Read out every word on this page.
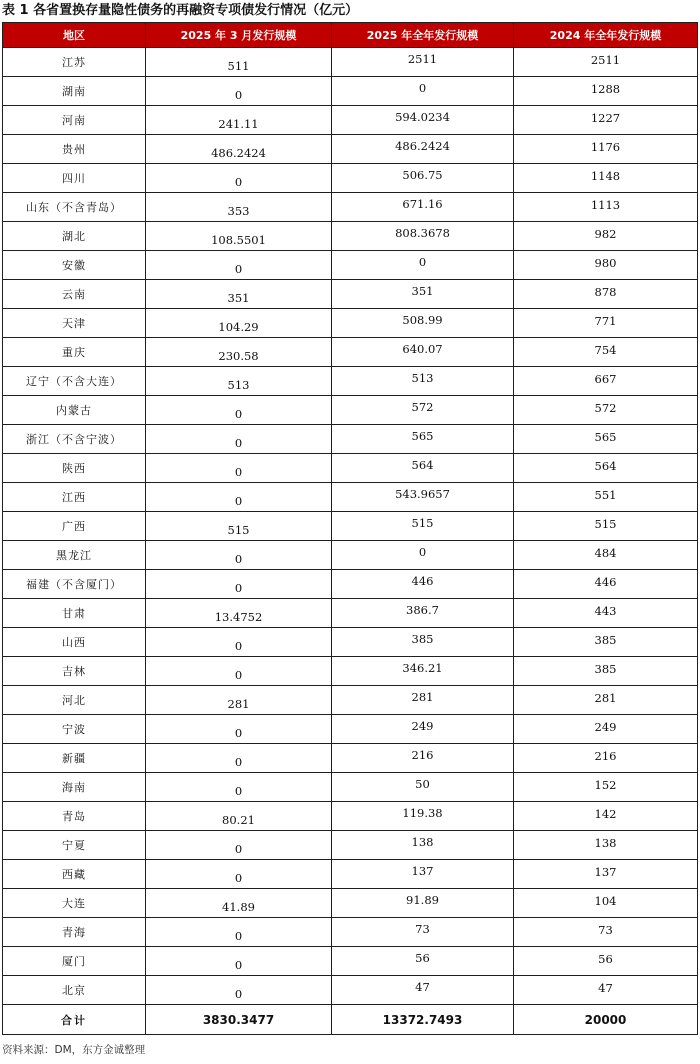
表 1 各省置换存量隐性债务的再融资专项债发行情况（亿元）
地区	2025 年 3 月发行规模	2025 年全年发行规模	2024 年全年发行规模
江苏	511	2511	2511
湖南	0	0	1288
河南	241.11	594.0234	1227
贵州	486.2424	486.2424	1176
四川	0	506.75	1148
山东（不含青岛）	353	671.16	1113
湖北	108.5501	808.3678	982
安徽	0	0	980
云南	351	351	878
天津	104.29	508.99	771
重庆	230.58	640.07	754
辽宁（不含大连）	513	513	667
内蒙古	0	572	572
浙江（不含宁波）	0	565	565
陕西	0	564	564
江西	0	543.9657	551
广西	515	515	515
黑龙江	0	0	484
福建（不含厦门）	0	446	446
甘肃	13.4752	386.7	443
山西	0	385	385
吉林	0	346.21	385
河北	281	281	281
宁波	0	249	249
新疆	0	216	216
海南	0	50	152
青岛	80.21	119.38	142
宁夏	0	138	138
西藏	0	137	137
大连	41.89	91.89	104
青海	0	73	73
厦门	0	56	56
北京	0	47	47
合计	3830.3477	13372.7493	20000
资料来源：DM，东方金诚整理
